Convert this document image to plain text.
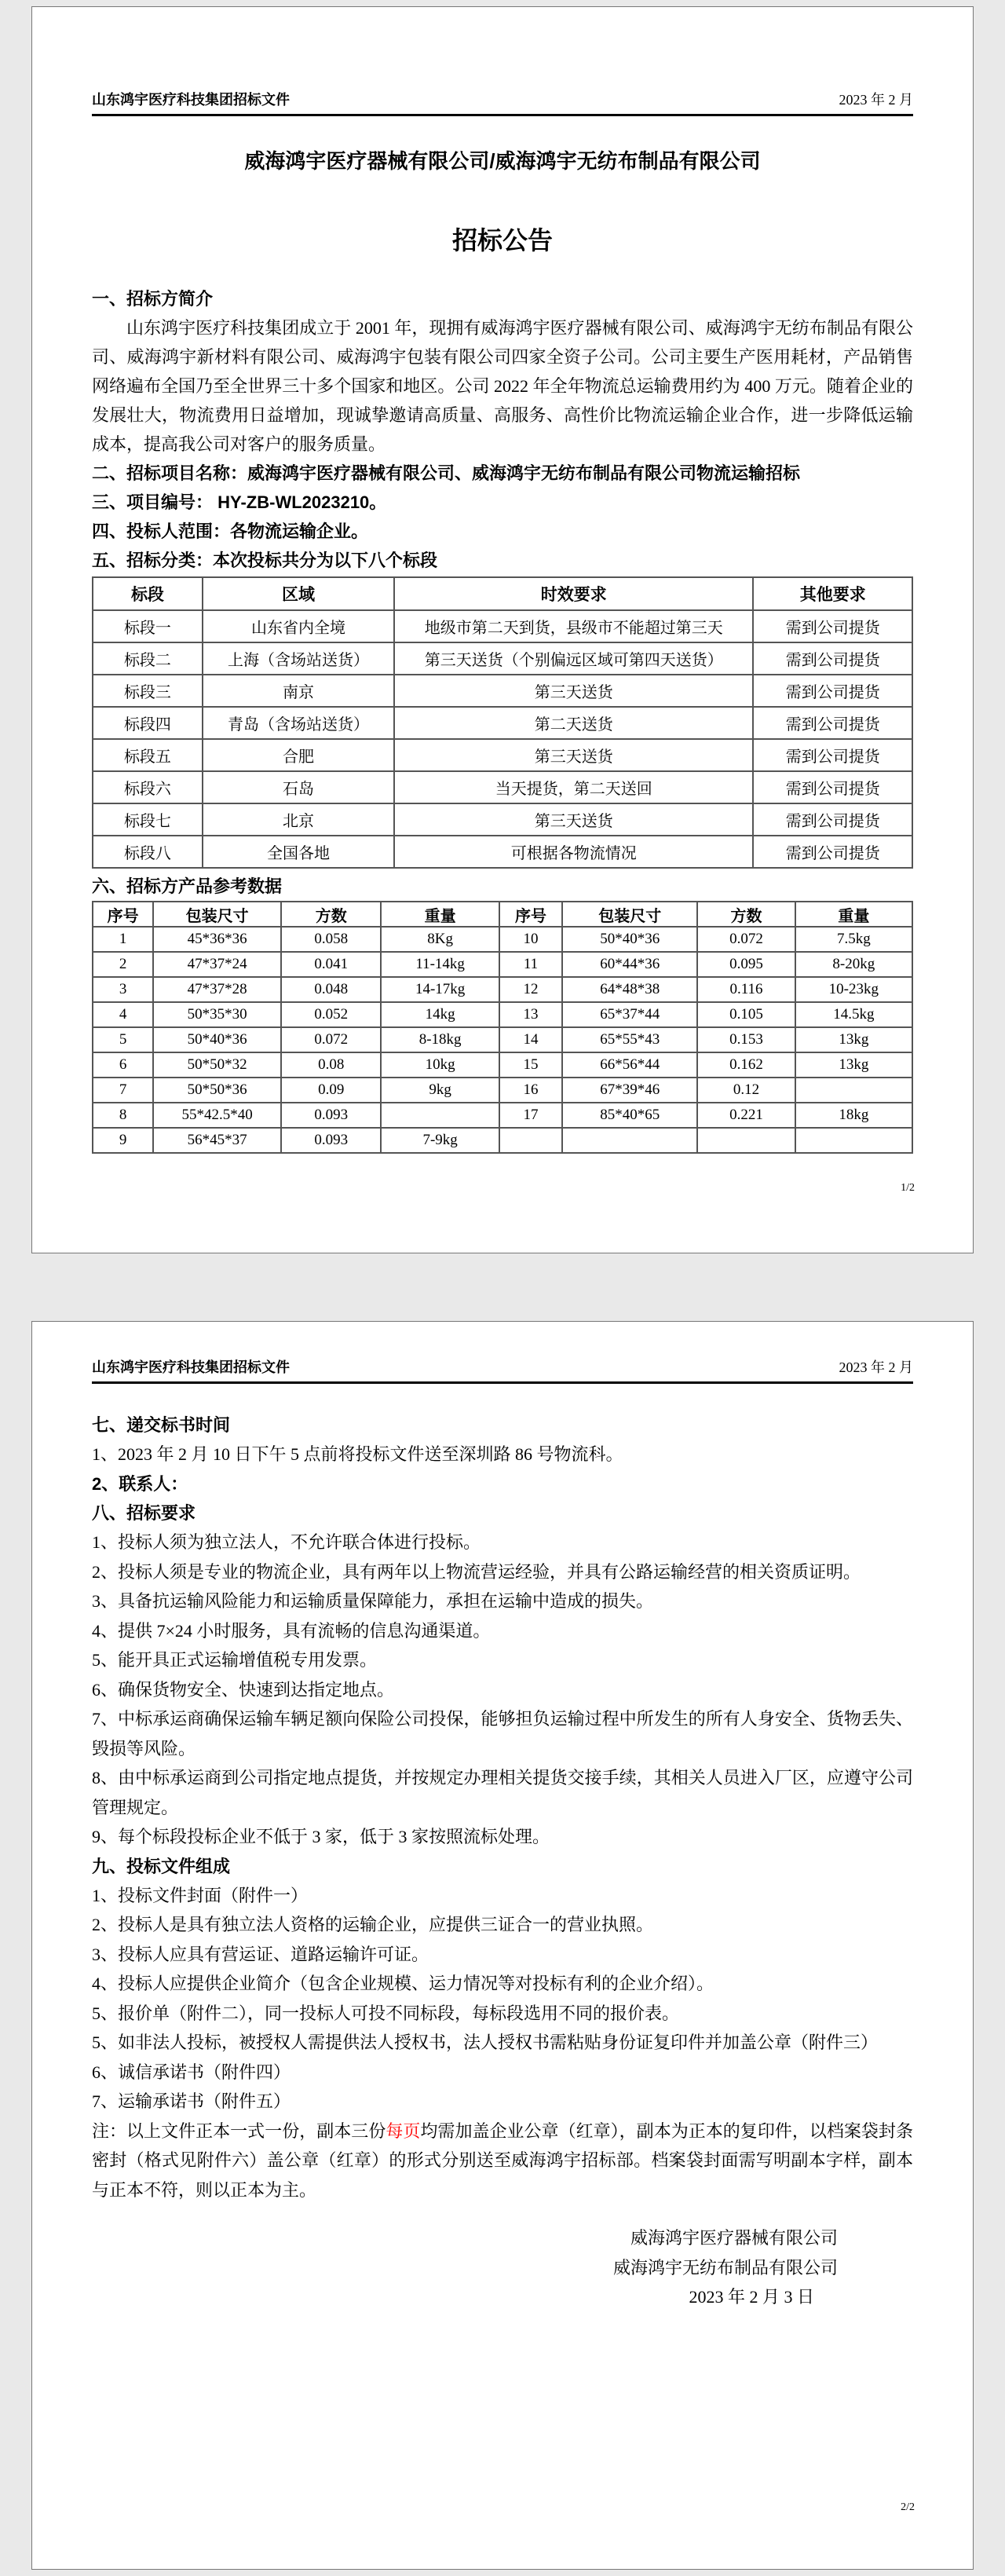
山东鸿宇医疗科技集团招标文件	2023 年 2 月
威海鸿宇医疗器械有限公司/威海鸿宇无纺布制品有限公司
招标公告
一、招标方简介

山东鸿宇医疗科技集团成立于 2001 年，现拥有威海鸿宇医疗器械有限公司、威海鸿宇无纺布制品有限公司、威海鸿宇新材料有限公司、威海鸿宇包装有限公司四家全资子公司。公司主要生产医用耗材，产品销售网络遍布全国乃至全世界三十多个国家和地区。公司 2022 年全年物流总运输费用约为 400 万元。随着企业的发展壮大，物流费用日益增加，现诚挚邀请高质量、高服务、高性价比物流运输企业合作，进一步降低运输成本，提高我公司对客户的服务质量。

二、招标项目名称：威海鸿宇医疗器械有限公司、威海鸿宇无纺布制品有限公司物流运输招标
三、项目编号： HY-ZB-WL2023210。
四、投标人范围：各物流运输企业。
五、招标分类：本次投标共分为以下八个标段
标段	区域	时效要求	其他要求
标段一	山东省内全境	地级市第二天到货，县级市不能超过第三天	需到公司提货
标段二	上海（含场站送货）	第三天送货（个别偏远区域可第四天送货）	需到公司提货
标段三	南京	第三天送货	需到公司提货
标段四	青岛（含场站送货）	第二天送货	需到公司提货
标段五	合肥	第三天送货	需到公司提货
标段六	石岛	当天提货，第二天送回	需到公司提货
标段七	北京	第三天送货	需到公司提货
标段八	全国各地	可根据各物流情况	需到公司提货
六、招标方产品参考数据
序号	包装尺寸	方数	重量	序号	包装尺寸	方数	重量
1	45*36*36	0.058	8Kg	10	50*40*36	0.072	7.5kg
2	47*37*24	0.041	11-14kg	11	60*44*36	0.095	8-20kg
3	47*37*28	0.048	14-17kg	12	64*48*38	0.116	10-23kg
4	50*35*30	0.052	14kg	13	65*37*44	0.105	14.5kg
5	50*40*36	0.072	8-18kg	14	65*55*43	0.153	13kg
6	50*50*32	0.08	10kg	15	66*56*44	0.162	13kg
7	50*50*36	0.09	9kg	16	67*39*46	0.12	
8	55*42.5*40	0.093		17	85*40*65	0.221	18kg
9	56*45*37	0.093	7-9kg				
1/2
山东鸿宇医疗科技集团招标文件	2023 年 2 月
七、递交标书时间
1、2023 年 2 月 10 日下午 5 点前将投标文件送至深圳路 86 号物流科。
2、联系人：
八、招标要求
1、投标人须为独立法人，不允许联合体进行投标。
2、投标人须是专业的物流企业，具有两年以上物流营运经验，并具有公路运输经营的相关资质证明。
3、具备抗运输风险能力和运输质量保障能力，承担在运输中造成的损失。
4、提供 7×24 小时服务，具有流畅的信息沟通渠道。
5、能开具正式运输增值税专用发票。
6、确保货物安全、快速到达指定地点。
7、中标承运商确保运输车辆足额向保险公司投保，能够担负运输过程中所发生的所有人身安全、货物丢失、毁损等风险。
8、由中标承运商到公司指定地点提货，并按规定办理相关提货交接手续，其相关人员进入厂区，应遵守公司管理规定。
9、每个标段投标企业不低于 3 家，低于 3 家按照流标处理。
九、投标文件组成
1、投标文件封面（附件一）
2、投标人是具有独立法人资格的运输企业，应提供三证合一的营业执照。
3、投标人应具有营运证、道路运输许可证。
4、投标人应提供企业简介（包含企业规模、运力情况等对投标有利的企业介绍）。
5、报价单（附件二），同一投标人可投不同标段，每标段选用不同的报价表。
5、如非法人投标，被授权人需提供法人授权书，法人授权书需粘贴身份证复印件并加盖公章（附件三）
6、诚信承诺书（附件四）
7、运输承诺书（附件五）

注：以上文件正本一式一份，副本三份每页均需加盖企业公章（红章），副本为正本的复印件，以档案袋封条密封（格式见附件六）盖公章（红章）的形式分别送至威海鸿宇招标部。档案袋封面需写明副本字样，副本与正本不符，则以正本为主。

威海鸿宇医疗器械有限公司
威海鸿宇无纺布制品有限公司
2023 年 2 月 3 日
2/2
